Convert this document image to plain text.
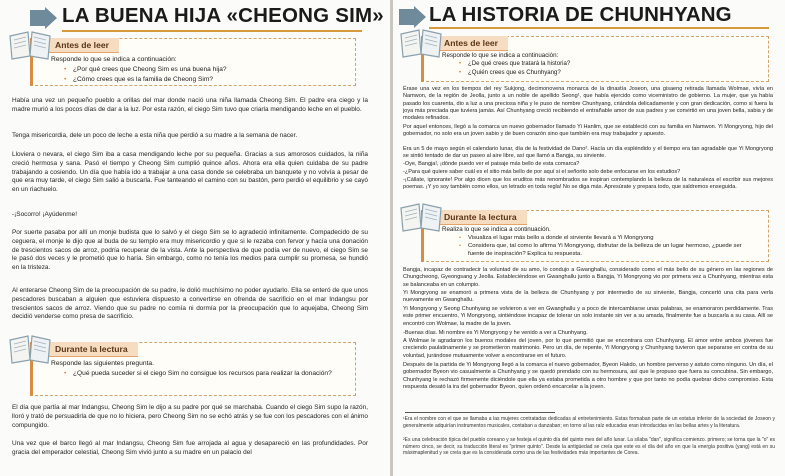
LA BUENA HIJA «CHEONG SIM»
Antes de leer
Responde lo que se indica a continuación:
• ¿Por qué crees que Cheong Sim es una buena hija?
• ¿Cómo crees que es la familia de Cheong Sim?

Había una vez un pequeño pueblo a orillas del mar donde nació una niña llamada Cheong Sim. El padre era ciego y la madre murió a los pocos días de dar a la luz. Por esta razón, el ciego Sim tuvo que criarla mendigando leche en el pueblo.

Tenga misericordia, dele un poco de leche a esta niña que perdió a su madre a la semana de nacer.

Lloviera o nevara, el ciego Sim iba a casa mendigando leche por su pequeña. Gracias a sus amorosos cuidados, la niña creció hermosa y sana. Pasó el tiempo y Cheong Sim cumplió quince años. Ahora era ella quien cuidaba de su padre trabajando a cosiendo. Un día que había ido a trabajar a una casa donde se celebraba un banquete y no volvía a pesar de que era muy tarde, el ciego Sim salió a buscarla. Fue tanteando el camino con su bastón, pero perdió el equilibrio y se cayó en un riachuelo.

-¡Socorro! ¡Ayúdenme!

Por suerte pasaba por allí un monje budista que lo salvó y el ciego Sim se lo agradeció infinitamente. Compadecido de su ceguera, el monje le dijo que al buda de su templo era muy misericordio y que si le rezaba con fervor y hacía una donación de trescientos sacos de arroz, podría recuperar de la vista. Ante la perspectiva de que podía ver de nuevo, el ciego Sim se le pasó dos veces y le prometió que lo haría. Sin embargo, como no tenía los medios para cumplir su promesa, se hundió en la tristeza.

Al enterarse Cheong Sim de la preocupación de su padre, le dolió muchísimo no poder ayudarlo. Ella se enteró de que unos pescadores buscaban a alguien que estuviera dispuesto a convertirse en ofrenda de sacrificio en el mar Indangsu por trescientos sacos de arroz. Viendo que su padre no comía ni dormía por la preocupación que lo aquejaba, Cheong Sim decidió venderse como presa de sacrificio.

Durante la lectura
Responde las siguientes pregunta.
• ¿Qué pueda suceder si el ciego Sim no consigue los recursos para realizar la donación?

El día que partía al mar Indangsu, Cheong Sim le dijo a su padre por qué se marchaba. Cuando el ciego Sim supo la razón, lloró y trató de persuadirla de que no lo hiciera, pero Cheong Sim no se echó atrás y se fue con los pescadores con el ánimo compungido.

Una vez que el barco llegó al mar Indangsu, Cheong Sim fue arrojada al agua y desapareció en las profundidades. Por gracia del emperador celestial, Cheong Sim vivió junto a su madre en un palacio del

LA HISTORIA DE CHUNHYANG
Antes de leer
Responde lo que se indica a continuación:
• ¿De qué crees que tratará la historia?
• ¿Quién crees que es Chunhyang?

Érase una vez en los tiempos del rey Sukjong, decimonovena monarca de la dinastía Joseon, una gisaeng retirada llamada Wolmae, vivía en Namwon, de la región de Jeolla, junto a un noble de apellido Seong¹, que había ejercido como viceministro de gobierno. La mujer, que ya había pasado los cuarenta, dio a luz a una preciosa niña y le puso de nombre Chunhyang, criándola delicadamente y con gran dedicación, como si fuera la joya más preciada que tuviera jamás. Así Chunhyang creció recibiendo el entrañable amor de sus padres y se convirtió en una joven bella, sabia y de modales refinados.

Por aquel entonces, llegó a la comarca un nuevo gobernador llamado Yi Hanlim, que se estableció con su familia en Namwon. Yi Mongryong, hijo del gobernador, no solo era un joven sabio y de buen corazón sino que también era muy trabajador y apuesto.

Era un 5 de mayo según el calendario lunar, día de la festividad de Dano². Hacía un día espléndido y el tiempo era tan agradable que Yi Mongryong se sintió tentado de dar un paseo al aire libre, así que llamó a Bangja, su sirviente.

-Oye, Bangja!, ¡dónde puedo ver el paisaje más bello de esta comarca?

-¿Para qué quiere saber cuál es el sitio más bello de por aquí si el señorito solo debe enfocarse en los estudios?

-¡Cállate, ignorante! Por algo dicen que los eruditos más renombrados se inspiran contemplando la belleza de la naturaleza el escribir sus mejores poemas. ¡Y yo soy también como ellos, un letrado en toda regla! No se diga más. Apresúrate y prepara todo, que saldremos enseguida.

Durante la lectura
Realiza lo que se indica a continuación.
• Visualiza el lugar más bello a donde el sirviente llevará a Yi Mongryong
• Considera que, tal como lo afirma Yi Mongryong, disfrutar de la belleza de un lugar hermoso, ¿puede ser fuente de inspiración? Explica tu respuesta.

Bangja, incapaz de contradecir la voluntad de su amo, lo condujo a Gwanghallu, considerado como el más bello de su género en las regiones de Chungcheong, Gyeongsang y Jeolla. Estableciéndose en Gwanghallu junto a Bangja, Yi Mongryong vio por primera vez a Chunhyang, mientras esta se balanceaba en un columpio.

Yi Mongryong se enamoró a primera vista de la belleza de Chunhyang y por intermedio de su sirviente, Bangja, concertó una cita para verla nuevamente en Gwanghallu.

Yi Mongryong y Seong Chunhyang se volvieron a ver en Gwanghallu y a poco de intercambiarse unas palabras, se enamoraron perdidamente. Tras este primer encuentro, Yi Mongryong, sintiéndose incapaz de tolerar un solo instante sin ver a su amada, finalmente fue a buscarla a su casa. Allí se encontró con Wolmae, la madre de la joven.

-Buenas días. Mi nombre es Yi Mongryong y he venido a ver a Chunhyang.

A Wolmae le agradaron los buenos modales del joven, por lo que permitió que se encontrara con Chunhyang. El amor entre ambos jóvenes fue creciendo paulatinamente y se prometieron matrimonio. Pero un día, de repente, Yi Mongryong y Chunhyang tuvieron que separarse en contra de su voluntad, jurándose mutuamente volver a encontrarse en el futuro.

Después de la partida de Yi Mongryong llegó a la comarca el nuevo gobernador, Byeon Hakdo, un hombre perverso y astuto como ninguno. Un día, el gobernador Byeon vio casualmente a Chunhyang y se quedó prendado con su hermosura, así que le propuso que fuera su concubina. Sin embargo, Chunhyang le rechazó firmemente diciéndole que ella ya estaba prometida a otro hombre y que por tanto no podía quebrar dicho compromiso. Esta respuesta desató la ira del gobernador Byeon, quien ordenó encarcelar a la joven.

¹Era el nombre con el que se llamaba a las mujeres contratadas dedicadas al entretenimiento. Estas formaban parte de un estatus inferior de la sociedad de Joseon y generalmente adquirían instrumentos musicales, contaban a danzaban; en torno al las raíz educadas eran introducidas en las bellas artes y la literatura.

²Es una celebración típica del pueblo coreano y se festeja el quinto día del quinto mes del año lunar. La sílaba "dan", significa comienzo. primero; se torna que la "o" es número cinco, se decir, su traducción literal es "primer quinto". Desde la antigüedad se creía que este es el día del año en que la energía positiva (yang) está en su máximaplenitud y se creía que es la considerada como una de las festividades más importantes de Corea.
